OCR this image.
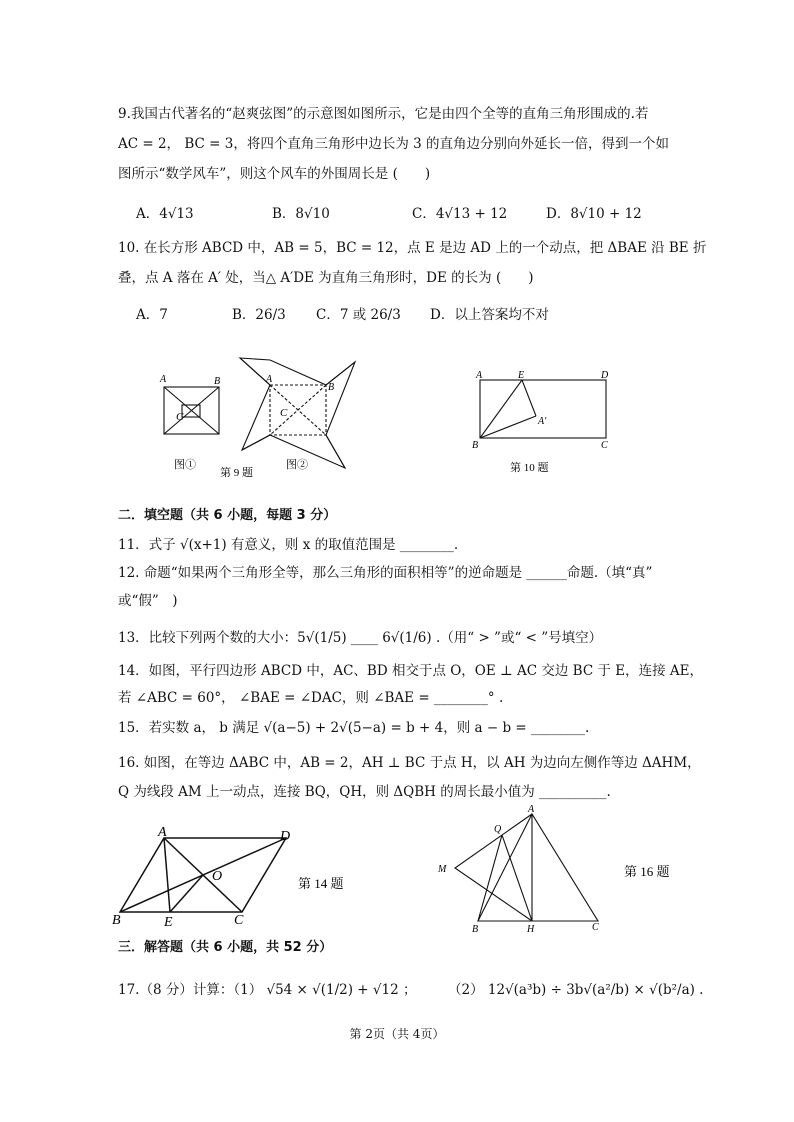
9.我国古代著名的“赵爽弦图”的示意图如图所示，它是由四个全等的直角三角形围成的.若
AC = 2， BC = 3，将四个直角三角形中边长为 3 的直角边分别向外延长一倍，得到一个如
图所示“数学风车”，则这个风车的外围周长是 (　　)
A．4√13	B．8√10	C．4√13 + 12	D．8√10 + 12
10. 在长方形 ABCD 中，AB = 5，BC = 12，点 E 是边 AD 上的一个动点，把 ΔBAE 沿 BE 折
叠，点 A 落在 A′ 处，当△ A′DE 为直角三角形时，DE 的长为 (　　)
A．7	B．26/3 C．7 或 26/3 D．以上答案均不对
A	B
C
A
B
C
图①
第 9 题
图②
A	E	D
A′
B	C
第 10 题
二．填空题（共 6 小题，每题 3 分）
11．式子 √(x+1) 有意义，则 x 的取值范围是 ________.
12. 命题“如果两个三角形全等，那么三角形的面积相等”的逆命题是 ______命题.（填“真”
或“假”　)
13．比较下列两个数的大小：5√(1/5) ____ 6√(1/6) .（用“ > ”或“ < ”号填空）
14．如图，平行四边形 ABCD 中，AC、BD 相交于点 O，OE ⊥ AC 交边 BC 于 E，连接 AE，
若 ∠ABC = 60°， ∠BAE = ∠DAC，则 ∠BAE = ________° .
15．若实数 a， b 满足 √(a−5) + 2√(5−a) = b + 4，则 a − b = ________.
16. 如图，在等边 ΔABC 中，AB = 2，AH ⊥ BC 于点 H，以 AH 为边向左侧作等边 ΔAHM，
Q 为线段 AM 上一动点，连接 BQ，QH，则 ΔQBH 的周长最小值为 __________.
A	D
O
B	E	C
第 14 题
A
Q
M
B	H	C
第 16 题
三．解答题（共 6 小题，共 52 分）
17.（8 分）计算：（1） √54 × √(1/2) + √12 ； （2） 12√(a³b) ÷ 3b√(a²/b) × √(b²/a) .
第 2页（共 4页）
